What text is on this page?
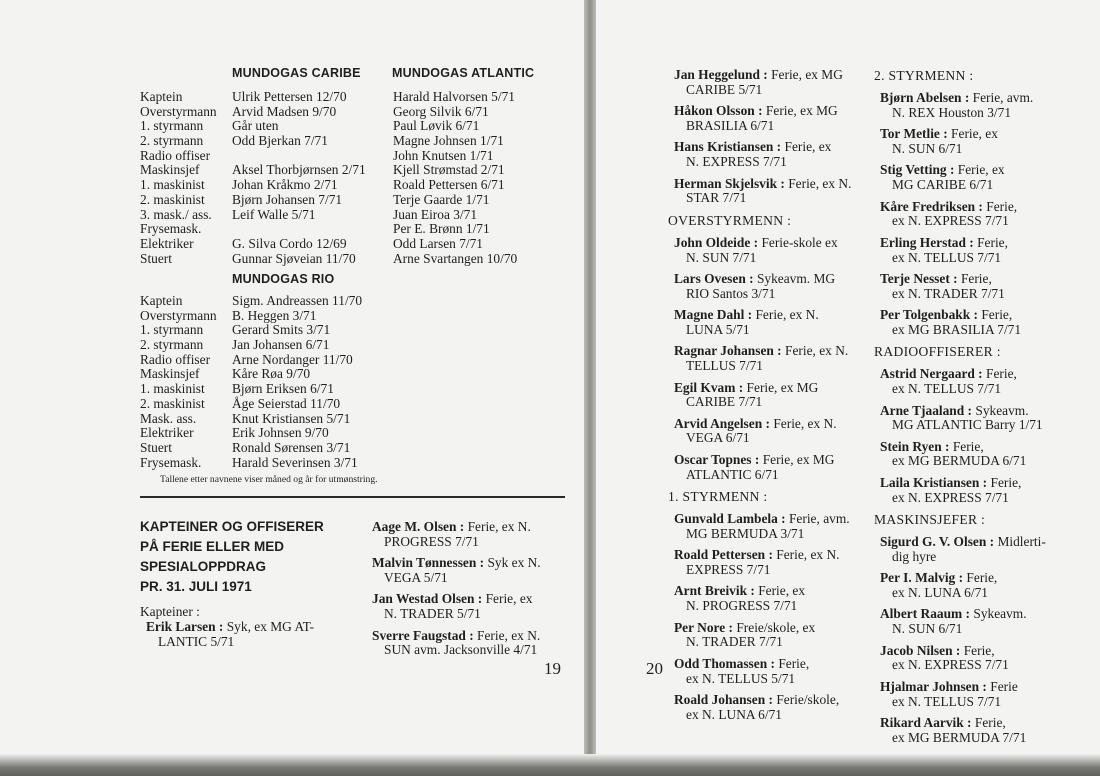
MUNDOGAS CARIBE	MUNDOGAS ATLANTIC
Kaptein
Overstyrmann
1. styrmann
2. styrmann
Radio offiser
Maskinsjef
1. maskinist
2. maskinist
3. mask./ ass.
Frysemask.
Elektriker
Stuert
Ulrik Pettersen 12/70
Arvid Madsen 9/70
Går uten
Odd Bjerkan 7/71

Aksel Thorbjørnsen 2/71
Johan Kråkmo 2/71
Bjørn Johansen 7/71
Leif Walle 5/71

G. Silva Cordo 12/69
Gunnar Sjøveian 11/70
Harald Halvorsen 5/71
Georg Silvik 6/71
Paul Løvik 6/71
Magne Johnsen 1/71
John Knutsen 1/71
Kjell Strømstad 2/71
Roald Pettersen 6/71
Terje Gaarde 1/71
Juan Eiroa 3/71
Per E. Brønn 1/71
Odd Larsen 7/71
Arne Svartangen 10/70
MUNDOGAS RIO
Kaptein
Overstyrmann
1. styrmann
2. styrmann
Radio offiser
Maskinsjef
1. maskinist
2. maskinist
Mask. ass.
Elektriker
Stuert
Frysemask.
Sigm. Andreassen 11/70
B. Heggen 3/71
Gerard Smits 3/71
Jan Johansen 6/71
Arne Nordanger 11/70
Kåre Røa 9/70
Bjørn Eriksen 6/71
Åge Seierstad 11/70
Knut Kristiansen 5/71
Erik Johnsen 9/70
Ronald Sørensen 3/71
Harald Severinsen 3/71
Tallene etter navnene viser måned og år for utmønstring.
KAPTEINER OG OFFISERER
PÅ FERIE ELLER MED
SPESIALOPPDRAG
PR. 31. JULI 1971
Kapteiner :
Erik Larsen : Syk, ex MG AT-
LANTIC 5/71
Aage M. Olsen : Ferie, ex N.
PROGRESS 7/71
Malvin Tønnessen : Syk ex N.
VEGA 5/71
Jan Westad Olsen : Ferie, ex
N. TRADER 5/71
Sverre Faugstad : Ferie, ex N.
SUN avm. Jacksonville 4/71
19
Jan Heggelund : Ferie, ex MG
CARIBE 5/71
Håkon Olsson : Ferie, ex MG
BRASILIA 6/71
Hans Kristiansen : Ferie, ex
N. EXPRESS 7/71
Herman Skjelsvik : Ferie, ex N.
STAR 7/71
OVERSTYRMENN :
John Oldeide : Ferie-skole ex
N. SUN 7/71
Lars Ovesen : Sykeavm. MG
RIO Santos 3/71
Magne Dahl : Ferie, ex N.
LUNA 5/71
Ragnar Johansen : Ferie, ex N.
TELLUS 7/71
Egil Kvam : Ferie, ex MG
CARIBE 7/71
Arvid Angelsen : Ferie, ex N.
VEGA 6/71
Oscar Topnes : Ferie, ex MG
ATLANTIC 6/71
1. STYRMENN :
Gunvald Lambela : Ferie, avm.
MG BERMUDA 3/71
Roald Pettersen : Ferie, ex N.
EXPRESS 7/71
Arnt Breivik : Ferie, ex
N. PROGRESS 7/71
Per Nore : Freie/skole, ex
N. TRADER 7/71
Odd Thomassen : Ferie,
ex N. TELLUS 5/71
Roald Johansen : Ferie/skole,
ex N. LUNA 6/71
20
2. STYRMENN :
Bjørn Abelsen : Ferie, avm.
N. REX Houston 3/71
Tor Metlie : Ferie, ex
N. SUN 6/71
Stig Vetting : Ferie, ex
MG CARIBE 6/71
Kåre Fredriksen : Ferie,
ex N. EXPRESS 7/71
Erling Herstad : Ferie,
ex N. TELLUS 7/71
Terje Nesset : Ferie,
ex N. TRADER 7/71
Per Tolgenbakk : Ferie,
ex MG BRASILIA 7/71
RADIOOFFISERER :
Astrid Nergaard : Ferie,
ex N. TELLUS 7/71
Arne Tjaaland : Sykeavm.
MG ATLANTIC Barry 1/71
Stein Ryen : Ferie,
ex MG BERMUDA 6/71
Laila Kristiansen : Ferie,
ex N. EXPRESS 7/71
MASKINSJEFER :
Sigurd G. V. Olsen : Midlerti-
dig hyre
Per I. Malvig : Ferie,
ex N. LUNA 6/71
Albert Raaum : Sykeavm.
N. SUN 6/71
Jacob Nilsen : Ferie,
ex N. EXPRESS 7/71
Hjalmar Johnsen : Ferie
ex N. TELLUS 7/71
Rikard Aarvik : Ferie,
ex MG BERMUDA 7/71
